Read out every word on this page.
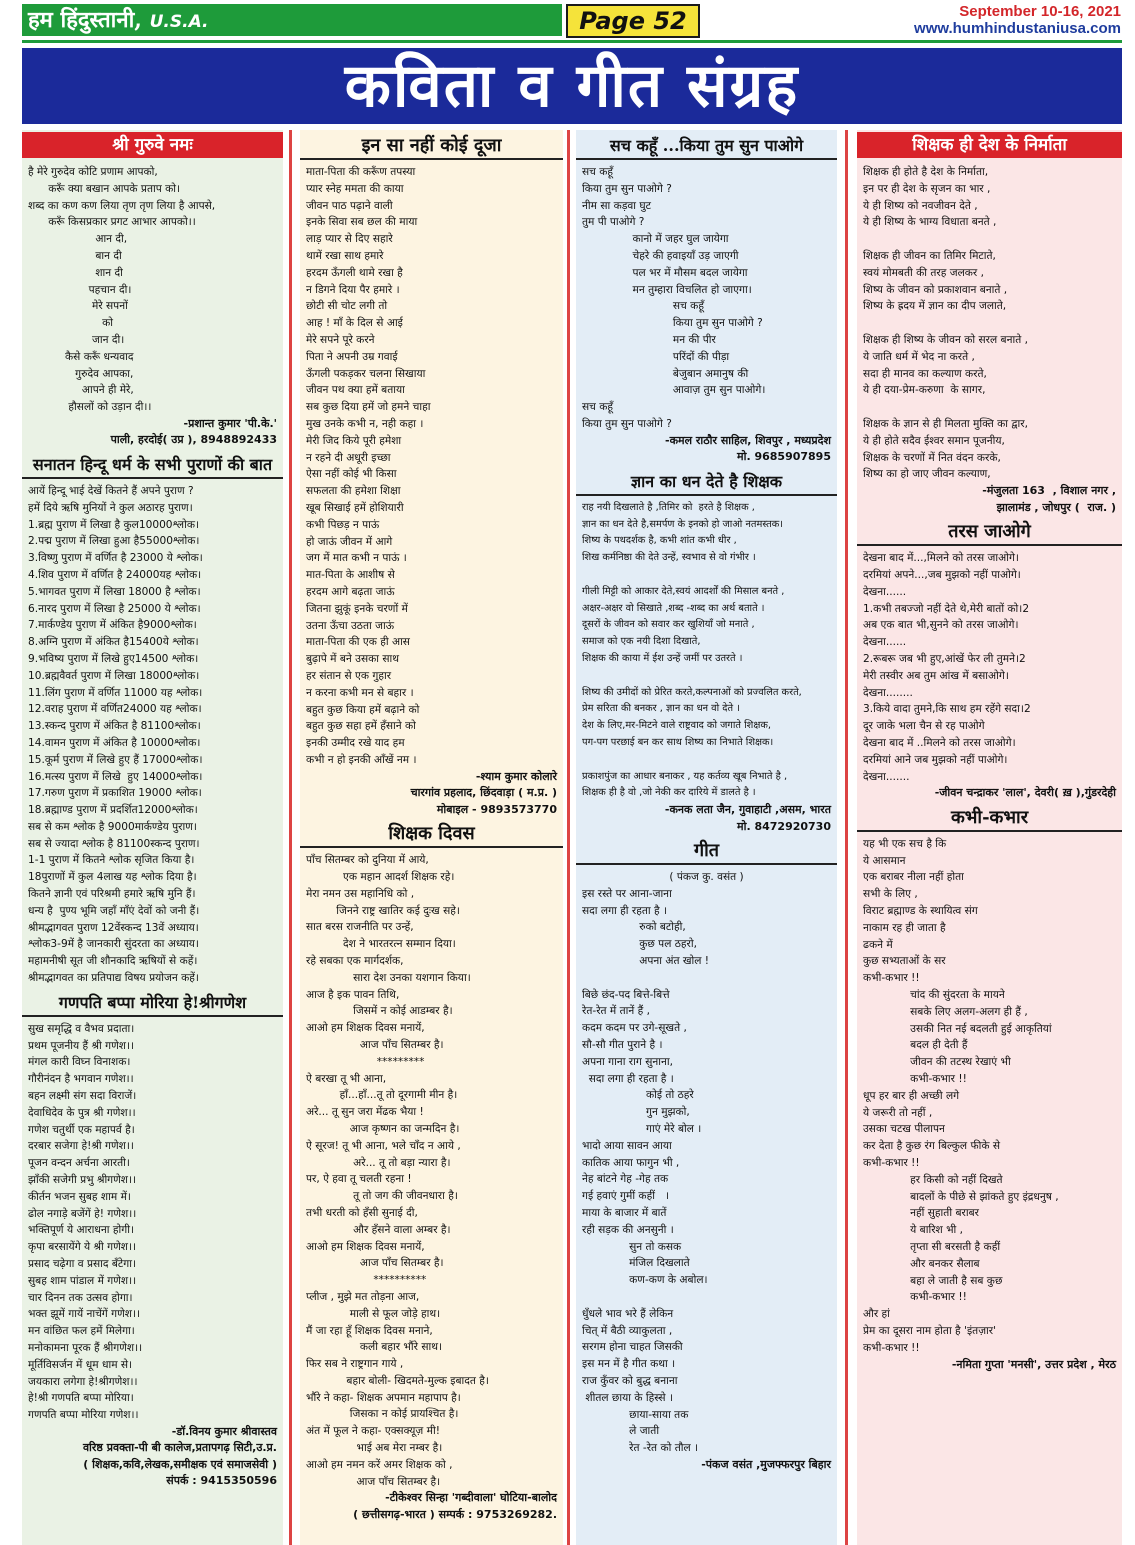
हम हिंदुस्तानी, U.S.A.	Page 52	September 10-16, 2021
www.humhindustaniusa.com
कविता व गीत संग्रह
श्री गुरुवे नमः
है मेरे गुरुदेव कोटि प्रणाम आपको,
करूँ क्या बखान आपके प्रताप को।
शब्द का कण कण लिया तृण तृण लिया है आपसे,
करूँ किसप्रकार प्रगट आभार आपको।।
आन दी,
बान दी
शान दी
पहचान दी।
मेरे सपनों
को
जान दी।
कैसे करूँ धन्यवाद
गुरुदेव आपका,
आपने ही मेरे,
हौसलों को उड़ान दी।।
-प्रशान्त कुमार 'पी.के.'
पाली, हरदोई( उप्र ), 8948892433
सनातन हिन्दू धर्म के सभी पुराणों की बात
आयें हिन्दू भाई देखें कितने हैं अपने पुराण ?
हमें दिये ऋषि मुनियों ने कुल अठारह पुराण।
1.ब्रह्म पुराण में लिखा है कुल10000श्लोक।
2.पद्म पुराण में लिखा हुआ है55000श्लोक।
3.विष्णु पुराण में वर्णित है 23000 ये श्लोक।
4.शिव पुराण में वर्णित है 24000यह श्लोक।
5.भागवत पुराण में लिखा 18000 है श्लोक।
6.नारद पुराण में लिखा है 25000 ये श्लोक।
7.मार्कण्डेय पुराण में अंकित है9000श्लोक।
8.अग्नि पुराण में अंकित है15400ये श्लोक।
9.भविष्य पुराण में लिखे हुए14500 श्लोक।
10.ब्रह्मवैवर्त पुराण में लिखा 18000श्लोक।
11.लिंग पुराण में वर्णित 11000 यह श्लोक।
12.वराह पुराण में वर्णित24000 यह श्लोक।
13.स्कन्द पुराण में अंकित है 81100श्लोक।
14.वामन पुराण में अंकित है 10000श्लोक।
15.कूर्म पुराण में लिखे हुए हैं 17000श्लोक।
16.मत्स्य पुराण में लिखे  हुए 14000श्लोक।
17.गरुण पुराण में प्रकाशित 19000 श्लोक।
18.ब्रह्माण्ड पुराण में प्रदर्शित12000श्लोक।
सब से कम श्लोक है 9000मार्कण्डेय पुराण।
सब से ज्यादा श्लोक है 81100स्कन्द पुराण।
1-1 पुराण में कितने श्लोक सृजित किया है।
18पुराणों में कुल 4लाख यह श्लोक दिया है।
कितने ज्ञानी एवं परिश्रमी हमारे ऋषि मुनि हैं।
धन्य है  पुण्य भूमि जहाँ माँएं देवों को जनी हैं।
श्रीमद्भागवत पुराण 12वेंस्कन्द 13वें अध्याय।
श्लोक3-9में है जानकारी सुंदरता का अध्याय।
महामनीषी सूत जी शौनकादि ऋषियों से कहें।
श्रीमद्भागवत का प्रतिपाद्य विषय प्रयोजन कहें।
गणपति बप्पा मोरिया हे!श्रीगणेश
सुख समृद्धि व वैभव प्रदाता।
प्रथम पूजनीय हैं श्री गणेश।।
मंगल कारी विघ्न विनाशक।
गौरीनंदन है भगवान गणेश।।
बहन लक्ष्मी संग सदा विराजें।
देवाधिदेव के पुत्र श्री गणेश।।
गणेश चतुर्थी एक महापर्व है।
दरबार सजेगा हे!श्री गणेश।।
पूजन वन्दन अर्चना आरती।
झाँकी सजेगी प्रभु श्रीगणेश।।
कीर्तन भजन सुबह शाम में।
ढोल नगाड़े बजेंगें हे! गणेश।।
भक्तिपूर्ण ये आराधना होगी।
कृपा बरसायेंगे ये श्री गणेश।।
प्रसाद चढ़ेगा व प्रसाद बँटेगा।
सुबह शाम पांडाल में गणेश।।
चार दिनन तक उत्सव होगा।
भक्त झूमें गायें नाचेंगें गणेश।।
मन वांछित फल हमें मिलेगा।
मनोकामना पूरक हैं श्रीगणेश।।
मूर्तिविसर्जन में धूम धाम से।
जयकारा लगेगा हे!श्रीगणेश।।
हे!श्री गणपति बप्पा मोरिया।
गणपति बप्पा मोरिया गणेश।।
-डॉ.विनय कुमार श्रीवास्तव
वरिष्ठ प्रवक्ता-पी बी कालेज,प्रतापगढ़ सिटी,उ.प्र.
( शिक्षक,कवि,लेखक,समीक्षक एवं समाजसेवी )
संपर्क : 9415350596
इन सा नहीं कोई दूजा
माता-पिता की करूँण तपस्या
प्यार स्नेह ममता की काया
जीवन पाठ पढ़ाने वाली
इनके सिवा सब छल की माया
लाड़ प्यार से दिए सहारे
थामें रखा साथ हमारे
हरदम ऊँगली थामे रखा है
न डिगने दिया पैर हमारे ।
छोटी सी चोट लगी तो
आह ! माँ के दिल से आई
मेरे सपने पूरे करने
पिता ने अपनी उम्र गवाई
ऊँगली पकड़कर चलना सिखाया
जीवन पथ क्या हमें बताया
सब कुछ दिया हमें जो हमने चाहा
मुख उनके कभी न, नही कहा ।
मेरी जिद किये पूरी हमेशा
न रहने दी अधूरी इच्छा
ऐसा नहीं कोई भी किसा
सफलता की हमेशा शिक्षा
खूब सिखाई हमें होशियारी
कभी पिछड़ न पाऊं
हो जाऊं जीवन में आगे
जग में मात कभी न पाऊं ।
मात-पिता के आशीष से
हरदम आगे बढ़ता जाऊं
जितना झुकूं इनके चरणों में
उतना ऊँचा उठता जाऊं
माता-पिता की एक ही आस
बुढ़ापे में बने उसका साथ
हर संतान से एक गुहार
न करना कभी मन से बहार ।
बहुत कुछ किया हमें बढ़ाने को
बहुत कुछ सहा हमें हँसाने को
इनकी उम्मीद रखे याद हम
कभी न हो इनकी आँखें नम ।
-श्याम कुमार कोलारे
चारगांव प्रहलाद, छिंदवाड़ा ( म.प्र. )
मोबाइल - 9893573770
शिक्षक दिवस
पाँच सितम्बर को दुनिया में आये,
एक महान आदर्श शिक्षक रहे।
मेरा नमन उस महानिधि को ,
जिनने राष्ट्र खातिर कई दुःख सहे।
सात बरस राजनीति पर उन्हें,
देश ने भारतरत्न सम्मान दिया।
रहे सबका एक मार्गदर्शक,
सारा देश उनका यशगान किया।
आज है इक पावन तिथि,
जिसमें न कोई आडम्बर है।
आओ हम शिक्षक दिवस मनायें,
आज पाँच सितम्बर है।
*********
ऐ बरखा तू भी आना,
हाँ...हाँ...तू तो दूरगामी मीन है।
अरे... तू सुन जरा मेंढक भैया !
आज कृष्णन का जन्मदिन है।
ऐ सूरज! तू भी आना, भले चाँद न आये ,
अरे... तू तो बड़ा न्यारा है।
पर, ऐ हवा तू चलती रहना !
तू तो जग की जीवनधारा है।
तभी धरती को हँसी सुनाई दी,
और हँसने वाला अम्बर है।
आओ हम शिक्षक दिवस मनायें,
आज पाँच सितम्बर है।
**********
प्लीज , मुझे मत तोड़ना आज,
माली से फूल जोड़े हाथ।
मैं जा रहा हूँ शिक्षक दिवस मनाने,
कली बहार भौंरे साथ।
फिर सब ने राष्ट्रगान गाये ,
बहार बोली- खिदमते-मुल्क इबादत है।
भौंरे ने कहा- शिक्षक अपमान महापाप है।
जिसका न कोई प्रायश्चित है।
अंत में फूल ने कहा- एक्सक्यूज़ मी!
भाई अब मेरा नम्बर है।
आओ हम नमन करें अमर शिक्षक को ,
आज पाँच सितम्बर है।
-टीकेश्वर सिन्हा 'गब्दीवाला' घोटिया-बालोद
( छत्तीसगढ़-भारत ) सम्पर्क : 9753269282.
सच कहूँ ...किया तुम सुन पाओगे
सच कहूँ
किया तुम सुन पाओगे ?
नीम सा कड़वा घुट
तुम पी पाओगे ?
कानो में जहर घुल जायेगा
चेहरे की हवाइयाँ उड़ जाएगी
पल भर में मौसम बदल जायेगा
मन तुम्हारा विचलित हो जाएगा।
सच कहूँ
किया तुम सुन पाओगे ?
मन की पीर
परिंदों की पीड़ा
बेजुबान अमानुष की
आवाज़ तुम सुन पाओगे।
सच कहूँ
किया तुम सुन पाओगे ?
-कमल राठौर साहिल, शिवपुर , मध्यप्रदेश
मो. 9685907895
ज्ञान का धन देते है शिक्षक
राह नयी दिखलाते है ,तिमिर को  हरते है शिक्षक ,
ज्ञान का धन देते है,समर्पण के इनको हो जाओ नतमस्तक।
शिष्य के पथदर्शक है, कभी शांत कभी धीर ,
शिख कर्मनिष्ठा की देते उन्हें, स्वभाव से वो गंभीर ।

गीली मिट्टी को आकार देते,स्वयं आदर्शों की मिसाल बनते ,
अक्षर-अक्षर वो सिखाते ,शब्द -शब्द का अर्थ बताते ।
दूसरों के जीवन को सवार कर खुशियाँ जो मनाते ,
समाज को एक नयी दिशा दिखाते,
शिक्षक की काया में ईश उन्हें जमीं पर उतरते ।

शिष्य की उमीदों को प्रेरित करते,कल्पनाओं को प्रज्वलित करते,
प्रेम सरिता की बनकर , ज्ञान का धन वो देते ।
देश के लिए,मर-मिटने वाले राष्ट्रवाद को जगाते शिक्षक,
पग-पग परछाई बन कर साथ शिष्य का निभाते शिक्षक।

प्रकाशपुंज का आधार बनाकर , यह कर्तव्य खूब निभाते है ,
शिक्षक ही है वो ,जो नेकी कर दारिये में डालते है ।
-कनक लता जैन, गुवाहाटी ,असम, भारत
मो. 8472920730
गीत
( पंकज कु. वसंत )
इस रस्ते पर आना-जाना
सदा लगा ही रहता है ।
रुको बटोही,
कुछ पल ठहरो,
अपना अंत खोल !

बिछे छंद-पद बित्ते-बित्ते
रेत-रेत में तानें हैं ,
कदम कदम पर उगे-सूखते ,
सौ-सौ गीत पुराने है ।
अपना गाना राग सुनाना,
सदा लगा ही रहता है ।
कोई तो ठहरे
गुन मुझको,
गाएं मेरे बोल ।
भादो आया सावन आया
कातिक आया फागुन भी ,
नेह बांटने गेह -गेह तक
गई हवाएं गुमीं कहीं   ।
माया के बाजार में बातें
रही सड़क की अनसुनी ।
सुन तो कसक
मंजिल दिखलाते
कण-कण के अबोल।

धुँधले भाव भरे हैं लेकिन
चित् में बैठी व्याकुलता ,
सरगम होना चाहत जिसकी
इस मन में है गीत कथा ।
राज कुँवर को बुद्ध बनाना
शीतल छाया के हिस्से ।
छाया-साया तक
ले जाती
रेत -रेत को तौल ।
-पंकज वसंत ,मुजफ्फरपुर बिहार
शिक्षक ही देश के निर्माता
शिक्षक ही होते है देश के निर्माता,
इन पर ही देश के सृजन का भार ,
ये ही शिष्य को नवजीवन देते ,
ये ही शिष्य के भाग्य विधाता बनते ,

शिक्षक ही जीवन का तिमिर मिटाते,
स्वयं मोमबती की तरह जलकर ,
शिष्य के जीवन को प्रकाशवान बनाते ,
शिष्य के ह्रदय में ज्ञान का दीप जलाते,

शिक्षक ही शिष्य के जीवन को सरल बनाते ,
ये जाति धर्म में भेद ना करते ,
सदा ही मानव का कल्याण करते,
ये ही दया-प्रेम-करुणा  के सागर,

शिक्षक के ज्ञान से ही मिलता मुक्ति का द्वार,
ये ही होते सदैव ईश्वर समान पूजनीय,
शिक्षक के चरणों में नित वंदन करके,
शिष्य का हो जाए जीवन कल्याण,
-मंजुलता 163  , विशाल नगर ,
झालामंड , जोधपुर (  राज. )
तरस जाओगे
देखना बाद में...,मिलने को तरस जाओगे।
दरमियां अपने...,जब मुझको नहीं पाओगे।
देखना......
1.कभी तबज्जो नहीं देते थे,मेरी बातों को।2
अब एक बात भी,सुनने को तरस जाओगे।
देखना......
2.रूबरू जब भी हुए,आंखें फेर ली तुमने।2
मेरी तस्वीर अब तुम आंख में बसाओगे।
देखना........
3.किये वादा तुमने,कि साथ हम रहेंगे सदा।2
दूर जाके भला चैन से रह पाओगे
देखना बाद में ..मिलने को तरस जाओगे।
दरमियां आने जब मुझको नहीं पाओगे।
देखना.......
-जीवन चन्द्राकर 'लाल', देवरी( ख़ ),गुंडरदेही
कभी-कभार
यह भी एक सच है कि
ये आसमान
एक बराबर नीला नहीं होता
सभी के लिए ,
विराट ब्रह्माण्ड के स्थायित्व संग
नाकाम रह ही जाता है
ढकने में
कुछ सभ्यताओं के सर
कभी-कभार !!
चांद की सुंदरता के मायने
सबके लिए अलग-अलग ही हैं ,
उसकी नित नई बदलती हुई आकृतियां
बदल ही देती हैं
जीवन की तटस्थ रेखाएं भी
कभी-कभार !!
धूप हर बार ही अच्छी लगे
ये जरूरी तो नहीं ,
उसका चटख पीलापन
कर देता है कुछ रंग बिल्कुल फीके से
कभी-कभार !!
हर किसी को नहीं दिखते
बादलों के पीछे से झांकते हुए इंद्रधनुष ,
नहीं सुहाती बराबर
ये बारिश भी ,
तृप्ता सी बरसती है कहीं
और बनकर सैलाब
बहा ले जाती है सब कुछ
कभी-कभार !!
और हां
प्रेम का दूसरा नाम होता है 'इंतज़ार'
कभी-कभार !!
-नमिता गुप्ता 'मनसी', उत्तर प्रदेश , मेरठ
